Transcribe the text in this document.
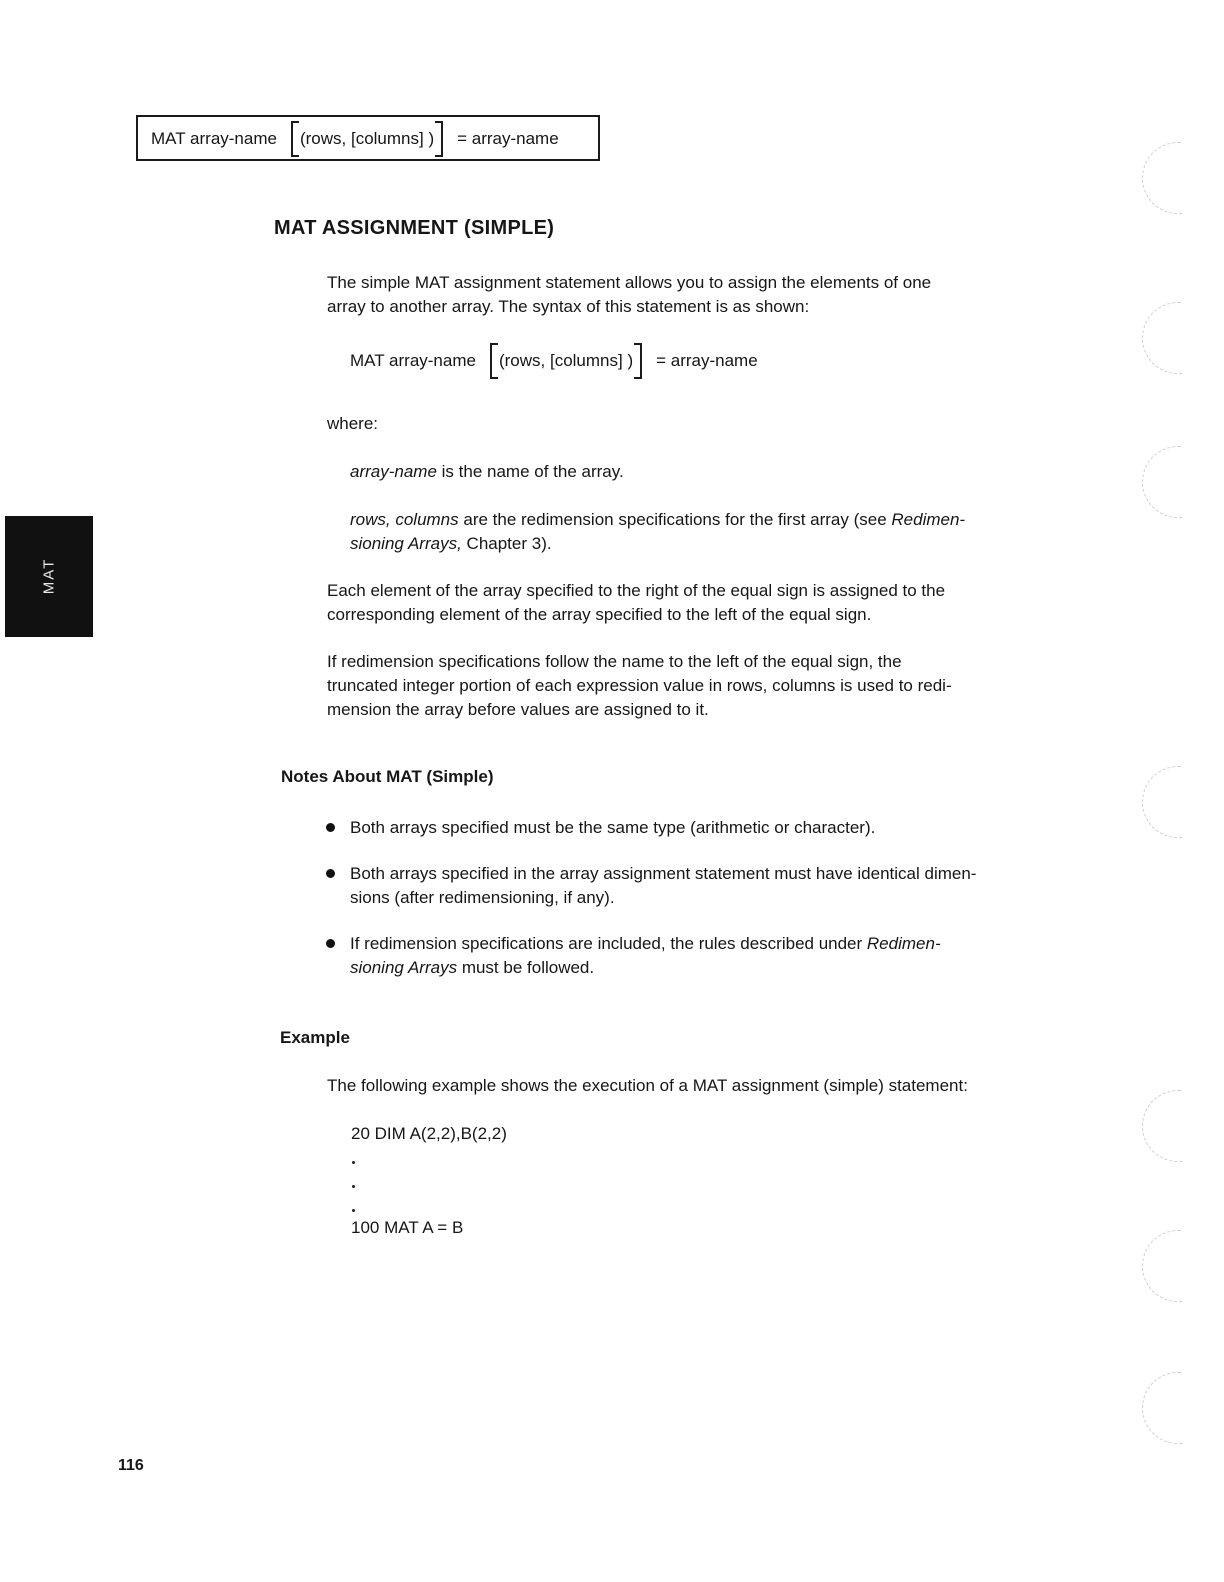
MAT array-name (rows, [columns] ) = array-name
MAT ASSIGNMENT (SIMPLE)
The simple MAT assignment statement allows you to assign the elements of one
array to another array. The syntax of this statement is as shown:
MAT array-name (rows, [columns] ) = array-name
where:
array-name is the name of the array.
rows, columns are the redimension specifications for the first array (see Redimen-
sioning Arrays, Chapter 3).
Each element of the array specified to the right of the equal sign is assigned to the
corresponding element of the array specified to the left of the equal sign.
If redimension specifications follow the name to the left of the equal sign, the
truncated integer portion of each expression value in rows, columns is used to redi-
mension the array before values are assigned to it.
Notes About MAT (Simple)
Both arrays specified must be the same type (arithmetic or character).
Both arrays specified in the array assignment statement must have identical dimen-
sions (after redimensioning, if any).
If redimension specifications are included, the rules described under Redimen-
sioning Arrays must be followed.
Example
The following example shows the execution of a MAT assignment (simple) statement:
20 DIM A(2,2),B(2,2)
100 MAT A = B
MAT
116
